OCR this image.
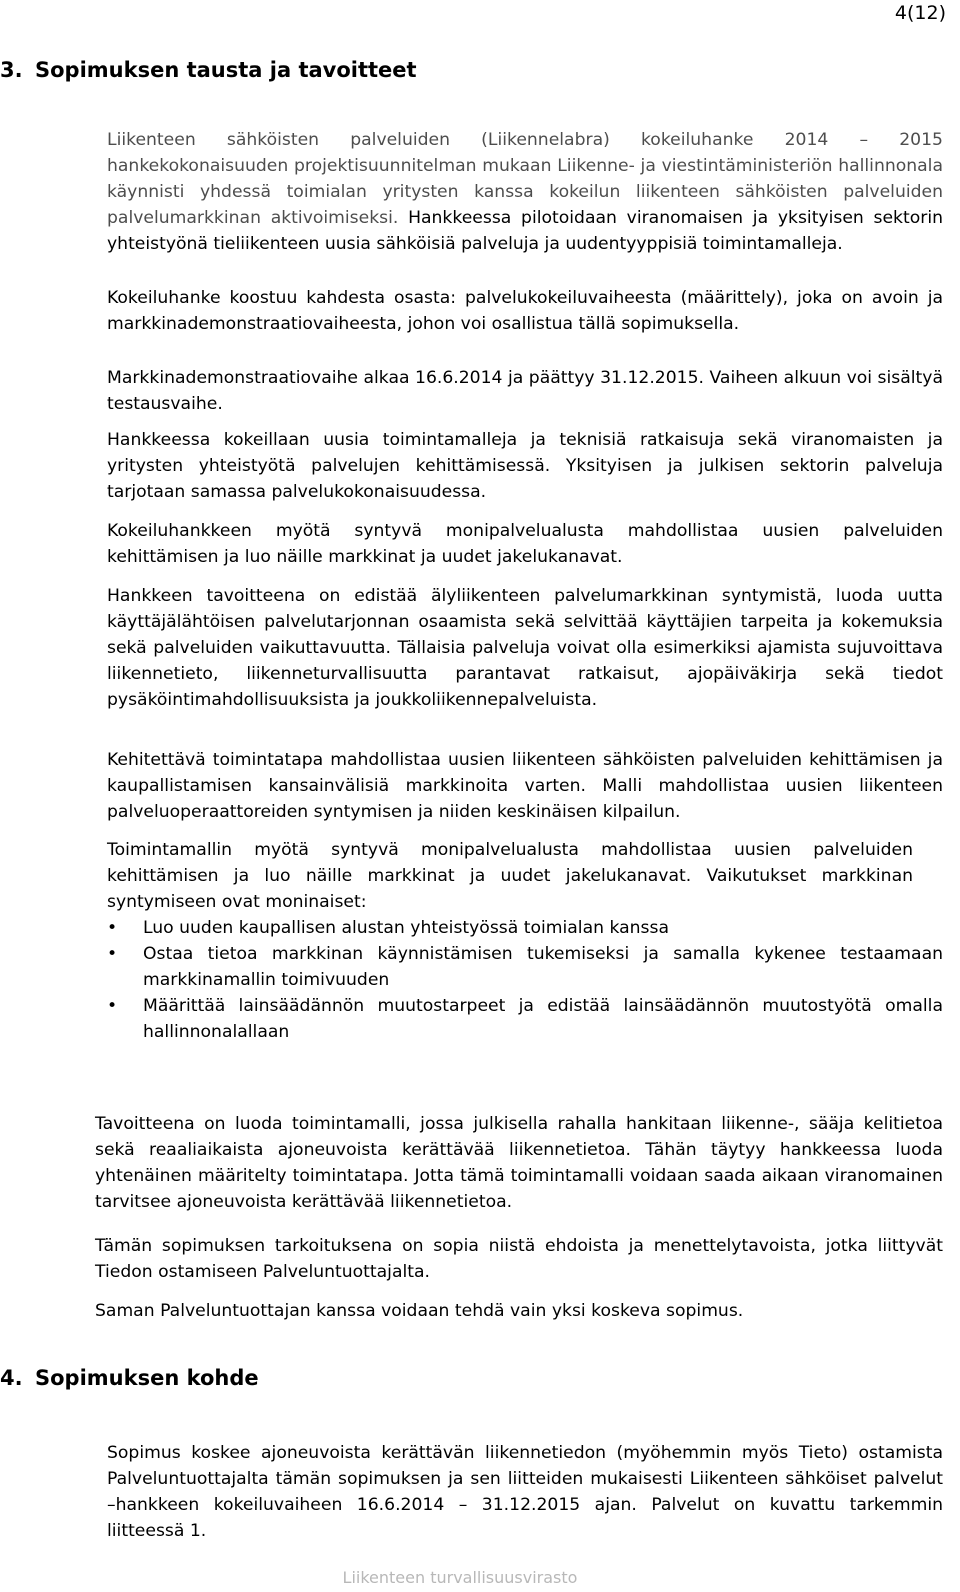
4(12)
3. Sopimuksen tausta ja tavoitteet
Liikenteen sähköisten palveluiden (Liikennelabra) kokeiluhanke 2014 – 2015 hankekokonaisuuden projektisuunnitelman mukaan Liikenne- ja viestintäministeriön hallinnonala käynnisti yhdessä toimialan yritysten kanssa kokeilun liikenteen sähköisten palveluiden palvelumarkkinan aktivoimiseksi. Hankkeessa pilotoidaan viranomaisen ja yksityisen sektorin yhteistyönä tieliikenteen uusia sähköisiä palveluja ja uudentyyppisiä toimintamalleja.

Kokeiluhanke koostuu kahdesta osasta: palvelukokeiluvaiheesta (määrittely), joka on avoin ja markkinademonstraatiovaiheesta, johon voi osallistua tällä sopimuksella.

Markkinademonstraatiovaihe alkaa 16.6.2014 ja päättyy 31.12.2015. Vaiheen alkuun voi sisältyä testausvaihe.

Hankkeessa kokeillaan uusia toimintamalleja ja teknisiä ratkaisuja sekä viranomaisten ja yritysten yhteistyötä palvelujen kehittämisessä. Yksityisen ja julkisen sektorin palveluja tarjotaan samassa palvelukokonaisuudessa.

Kokeiluhankkeen myötä syntyvä monipalvelualusta mahdollistaa uusien palveluiden kehittämisen ja luo näille markkinat ja uudet jakelukanavat.

Hankkeen tavoitteena on edistää älyliikenteen palvelumarkkinan syntymistä, luoda uutta käyttäjälähtöisen palvelutarjonnan osaamista sekä selvittää käyttäjien tarpeita ja kokemuksia sekä palveluiden vaikuttavuutta. Tällaisia palveluja voivat olla esimerkiksi ajamista sujuvoittava liikennetieto, liikenneturvallisuutta parantavat ratkaisut, ajopäiväkirja sekä tiedot pysäköintimahdollisuuksista ja joukkoliikennepalveluista.

Kehitettävä toimintatapa mahdollistaa uusien liikenteen sähköisten palveluiden kehittämisen ja kaupallistamisen kansainvälisiä markkinoita varten. Malli mahdollistaa uusien liikenteen palveluoperaattoreiden syntymisen ja niiden keskinäisen kilpailun.

Toimintamallin myötä syntyvä monipalvelualusta mahdollistaa uusien palveluiden kehittämisen ja luo näille markkinat ja uudet jakelukanavat. Vaikutukset markkinan syntymiseen ovat moninaiset:

• Luo uuden kaupallisen alustan yhteistyössä toimialan kanssa
• Ostaa tietoa markkinan käynnistämisen tukemiseksi ja samalla kykenee testaamaan markkinamallin toimivuuden
• Määrittää lainsäädännön muutostarpeet ja edistää lainsäädännön muutostyötä omalla hallinnonalallaan

Tavoitteena on luoda toimintamalli, jossa julkisella rahalla hankitaan liikenne-, sääja kelitietoa sekä reaaliaikaista ajoneuvoista kerättävää liikennetietoa. Tähän täytyy hankkeessa luoda yhtenäinen määritelty toimintatapa. Jotta tämä toimintamalli voidaan saada aikaan viranomainen tarvitsee ajoneuvoista kerättävää liikennetietoa.

Tämän sopimuksen tarkoituksena on sopia niistä ehdoista ja menettelytavoista, jotka liittyvät Tiedon ostamiseen Palveluntuottajalta.

Saman Palveluntuottajan kanssa voidaan tehdä vain yksi koskeva sopimus.

4. Sopimuksen kohde

Sopimus koskee ajoneuvoista kerättävän liikennetiedon (myöhemmin myös Tieto) ostamista Palveluntuottajalta tämän sopimuksen ja sen liitteiden mukaisesti Liikenteen sähköiset palvelut –hankkeen kokeiluvaiheen 16.6.2014 – 31.12.2015 ajan. Palvelut on kuvattu tarkemmin liitteessä 1.

Liikenteen turvallisuusvirasto
